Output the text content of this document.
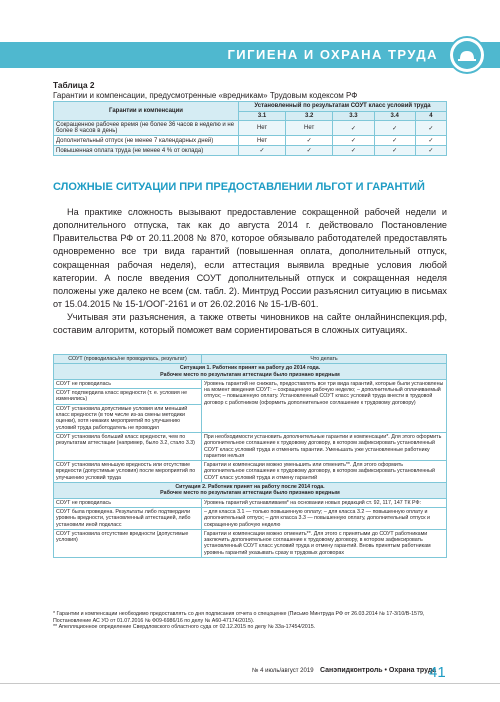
ГИГИЕНА И ОХРАНА ТРУДА
Таблица 2
Гарантии и компенсации, предусмотренные «вредникам» Трудовым кодексом РФ
Гарантии и компенсации	Установленный по результатам СОУТ класс условий труда				
	3.1	3.2	3.3	3.4	4
Сокращенное рабочее время (не более 36 часов в неделю и не более 8 часов в день)	Нет	Нет	✓	✓	✓
Дополнительный отпуск (не менее 7 календарных дней)	Нет	✓	✓	✓	✓
Повышенная оплата труда (не менее 4 % от оклада)	✓	✓	✓	✓	✓
СЛОЖНЫЕ СИТУАЦИИ ПРИ ПРЕДОСТАВЛЕНИИ ЛЬГОТ И ГАРАНТИЙ

На практике сложность вызывают предоставление сокращенной рабочей недели и дополнительного отпуска, так как до августа 2014 г. действовало Постановление Правительства РФ от 20.11.2008 № 870, которое обязывало работодателей предоставлять одновременно все три вида гарантий (повышенная оплата, дополнительный отпуск, сокращенная рабочая неделя), если аттестация выявила вредные условия любой категории. А после введения СОУТ дополнительный отпуск и сокращенная неделя положены уже далеко не всем (см. табл. 2). Минтруд России разъяснил ситуацию в письмах от 15.04.2015 № 15-1/ООГ-2161 и от 26.02.2016 № 15-1/В-601.

Учитывая эти разъяснения, а также ответы чиновников на сайте онлайнинспекция.рф, составим алгоритм, который поможет вам сориентироваться в сложных ситуациях.

СОУТ (проводилась/не проводилась, результат)	Что делать

Ситуация 1. Работник принят на работу до 2014 года.
Рабочее место по результатам аттестации было признано вредным	

СОУТ не проводилась	Уровень гарантий не снижать, предоставлять все три вида гарантий, которые были установлены на момент введения СОУТ: – сокращенную рабочую неделю; – дополнительный оплачиваемый отпуск; – повышенную оплату. Установленный СОУТ класс условий труда внести в трудовой договор с работником (оформить дополнительное соглашение к трудовому договору)
СОУТ подтвердила класс вредности (т. е. условия не изменились)	
СОУТ установила допустимые условия или меньший класс вредности (в том числе из-за смены методики оценки), хотя никаких мероприятий по улучшению условий труда работодатель не проводил	
СОУТ установила больший класс вредности, чем по результатам аттестации (например, было 3.2, стало 3.3)	При необходимости установить дополнительные гарантии и компенсации*. Для этого оформить дополнительное соглашение к трудовому договору, в котором зафиксировать установленный СОУТ класс условий труда и отменить гарантии. Уменьшать уже установленные работнику гарантии нельзя
СОУТ установила меньшую вредность или отсутствие вредности (допустимые условия) после мероприятий по улучшению условий труда	Гарантии и компенсации можно уменьшить или отменить**. Для этого оформить дополнительное соглашение к трудовому договору, в котором зафиксировать установленный СОУТ класс условий труда и отмену гарантий

Ситуация 2. Работник принят на работу после 2014 года.
Рабочее место по результатам аттестации было признано вредным	

СОУТ не проводилась	Уровень гарантий устанавливаем* на основании новых редакций ст. 92, 117, 147 ТК РФ:
СОУТ была проведена. Результаты либо подтвердили уровень вредности, установленный аттестацией, либо установили иной подкласс	– для класса 3.1 — только повышенную оплату; – для класса 3.2 — повышенную оплату и дополнительный отпуск; – для класса 3.3 — повышенную оплату, дополнительный отпуск и сокращенную рабочую неделю
СОУТ установила отсутствие вредности (допустимые условия)	Гарантии и компенсации можно отменить**. Для этого с принятыми до СОУТ работниками заключить дополнительное соглашение к трудовому договору, в котором зафиксировать установленный СОУТ класс условий труда и отмену гарантий. Вновь принятым работникам уровень гарантий указывать сразу в трудовых договорах
* Гарантии и компенсации необходимо предоставлять со дня подписания отчета о спецоценке (Письмо Минтруда РФ от 26.03.2014 № 17-3/10/В-1579, Постановление АС УО от 01.07.2016 № Ф09-6986/16 по делу № А60-47174/2015).
** Апелляционное определение Свердловского областного суда от 02.12.2015 по делу № 33а-17454/2015.
№ 4 июль/август 2019 Санэпидконтроль • Охрана труда
41
